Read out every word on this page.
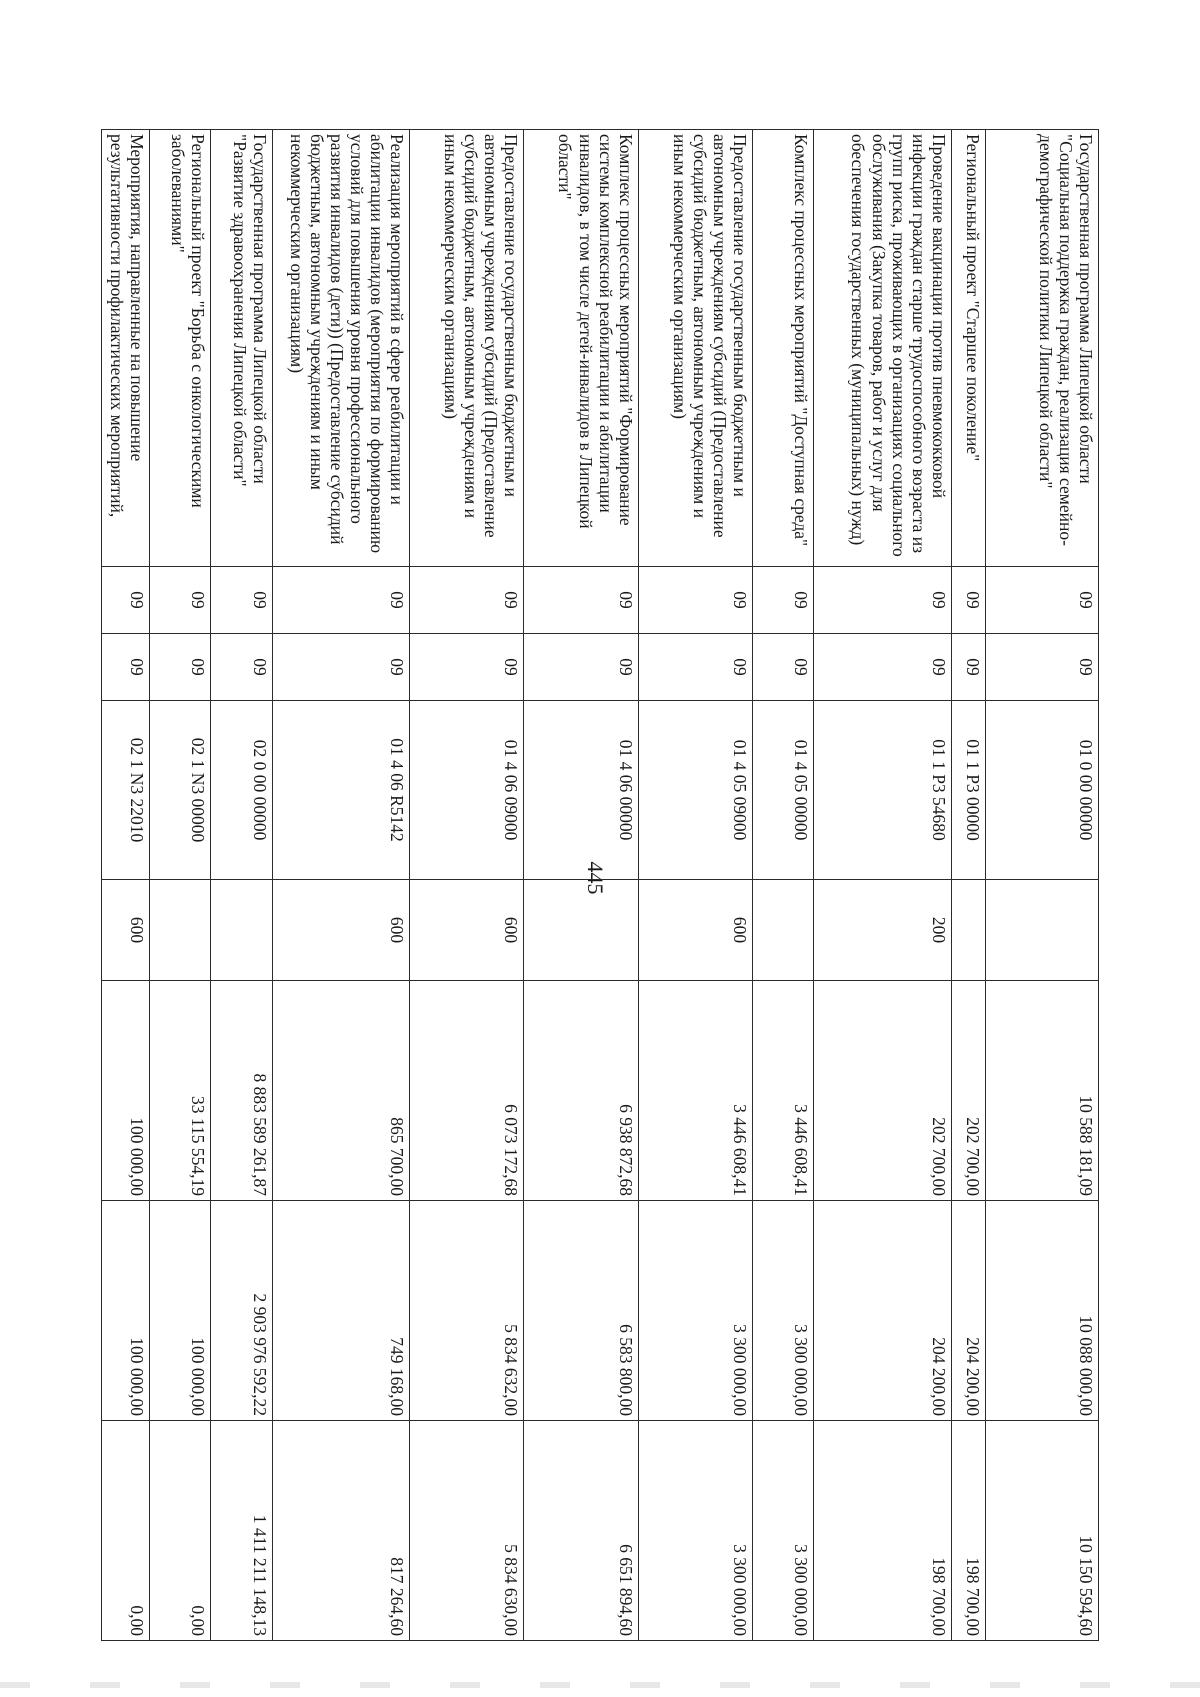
445
Государственная программа Липецкой области "Социальная поддержка граждан, реализация семейно-демографической политики Липецкой области"	09	09	01 0 00 00000		10 588 181,09	10 088 000,00	10 150 594,60
Региональный проект "Старшее поколение"	09	09	01 1 P3 00000		202 700,00	204 200,00	198 700,00
Проведение вакцинации против пневмококковой инфекции граждан старше трудоспособного возраста из групп риска, проживающих в организациях социального обслуживания (Закупка товаров, работ и услуг для обеспечения государственных (муниципальных) нужд)	09	09	01 1 P3 54680	200	202 700,00	204 200,00	198 700,00
Комплекс процессных мероприятий "Доступная среда"	09	09	01 4 05 00000		3 446 608,41	3 300 000,00	3 300 000,00
Предоставление государственным бюджетным и автономным учреждениям субсидий (Предоставление субсидий бюджетным, автономным учреждениям и иным некоммерческим организациям)	09	09	01 4 05 09000	600	3 446 608,41	3 300 000,00	3 300 000,00
Комплекс процессных мероприятий "Формирование системы комплексной реабилитации и абилитации инвалидов, в том числе детей-инвалидов в Липецкой области"	09	09	01 4 06 00000		6 938 872,68	6 583 800,00	6 651 894,60
Предоставление государственным бюджетным и автономным учреждениям субсидий (Предоставление субсидий бюджетным, автономным учреждениям и иным некоммерческим организациям)	09	09	01 4 06 09000	600	6 073 172,68	5 834 632,00	5 834 630,00
Реализация мероприятий в сфере реабилитации и абилитации инвалидов (мероприятия по формированию условий для повышения уровня профессионального развития инвалидов (дети)) (Предоставление субсидий бюджетным, автономным учреждениям и иным некоммерческим организациям)	09	09	01 4 06 R5142	600	865 700,00	749 168,00	817 264,60
Государственная программа Липецкой области "Развитие здравоохранения Липецкой области"	09	09	02 0 00 00000		8 883 589 261,87	2 903 976 592,22	1 411 211 148,13
Региональный проект "Борьба с онкологическими заболеваниями"	09	09	02 1 N3 00000		33 115 554,19	100 000,00	0,00
Мероприятия, направленные на повышение результативности профилактических мероприятий,	09	09	02 1 N3 22010	600	100 000,00	100 000,00	0,00
